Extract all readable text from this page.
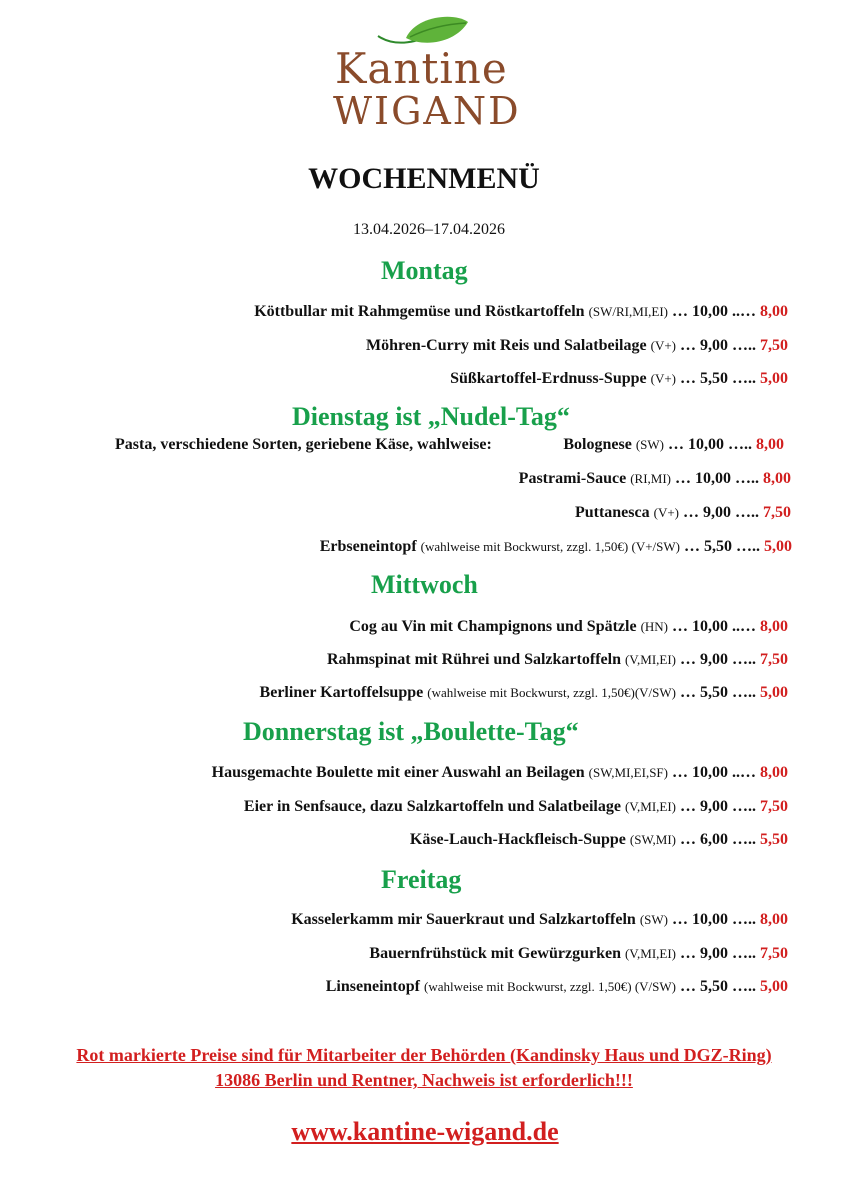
Kantine
WIGAND
WOCHENMENÜ
13.04.2026–17.04.2026
Montag
Köttbullar mit Rahmgemüse und Röstkartoffeln (SW/RI,MI,EI) … 10,00 ..… 8,00
Möhren-Curry mit Reis und Salatbeilage (V+) … 9,00 ….. 7,50
Süßkartoffel-Erdnuss-Suppe (V+) … 5,50 ….. 5,00
Dienstag ist „Nudel-Tag“
Pasta, verschiedene Sorten, geriebene Käse, wahlweise:	Bolognese (SW) … 10,00 ….. 8,00
Pastrami-Sauce (RI,MI) … 10,00 ….. 8,00
Puttanesca (V+) … 9,00 ….. 7,50
Erbseneintopf (wahlweise mit Bockwurst, zzgl. 1,50€) (V+/SW) … 5,50 ….. 5,00
Mittwoch
Cog au Vin mit Champignons und Spätzle (HN) … 10,00 ..… 8,00
Rahmspinat mit Rührei und Salzkartoffeln (V,MI,EI) … 9,00 ….. 7,50
Berliner Kartoffelsuppe (wahlweise mit Bockwurst, zzgl. 1,50€)(V/SW) … 5,50 ….. 5,00
Donnerstag ist „Boulette-Tag“
Hausgemachte Boulette mit einer Auswahl an Beilagen (SW,MI,EI,SF) … 10,00 ..… 8,00
Eier in Senfsauce, dazu Salzkartoffeln und Salatbeilage (V,MI,EI) … 9,00 ….. 7,50
Käse-Lauch-Hackfleisch-Suppe (SW,MI) … 6,00 ….. 5,50
Freitag
Kasselerkamm mir Sauerkraut und Salzkartoffeln (SW) … 10,00 ….. 8,00
Bauernfrühstück mit Gewürzgurken (V,MI,EI) … 9,00 ….. 7,50
Linseneintopf (wahlweise mit Bockwurst, zzgl. 1,50€) (V/SW) … 5,50 ….. 5,00
Rot markierte Preise sind für Mitarbeiter der Behörden (Kandinsky Haus und DGZ-Ring)
13086 Berlin und Rentner, Nachweis ist erforderlich!!!
www.kantine-wigand.de
